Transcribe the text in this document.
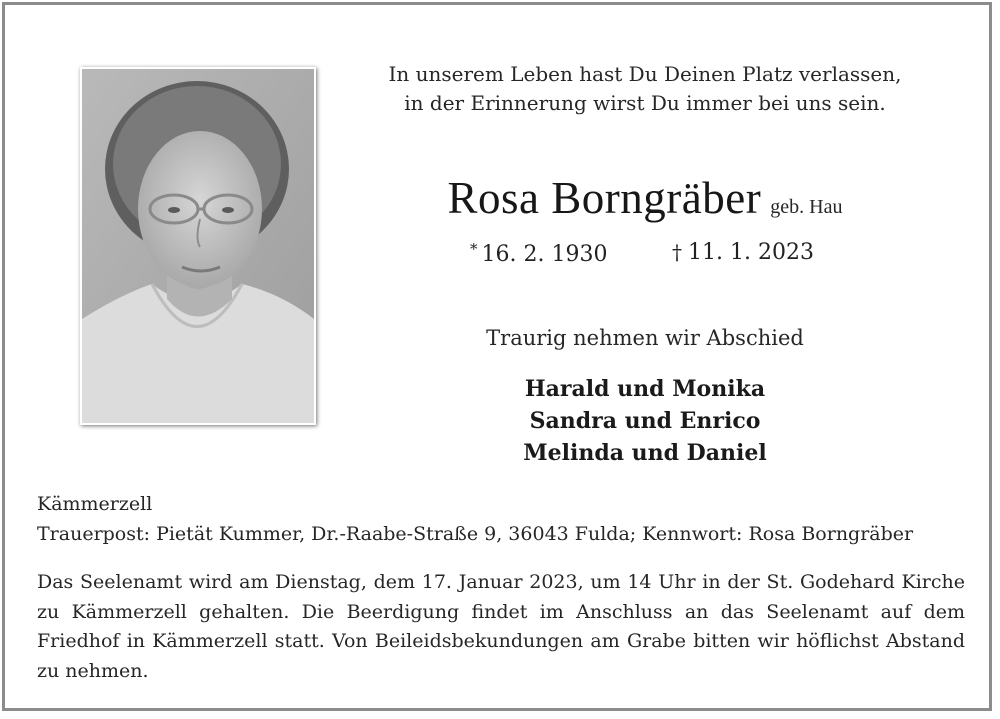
In unserem Leben hast Du Deinen Platz verlassen,
in der Erinnerung wirst Du immer bei uns sein.
Rosa Borngräber geb. Hau
* 16. 2. 1930	† 11. 1. 2023
Traurig nehmen wir Abschied
Harald und Monika
Sandra und Enrico
Melinda und Daniel
Kämmerzell
Trauerpost: Pietät Kummer, Dr.-Raabe-Straße 9, 36043 Fulda; Kennwort: Rosa Borngräber
Das Seelenamt wird am Dienstag, dem 17. Januar 2023, um 14 Uhr in der St. Godehard Kirche zu Kämmerzell gehalten. Die Beerdigung findet im Anschluss an das Seelenamt auf dem Friedhof in Kämmerzell statt. Von Beileidsbekundungen am Grabe bitten wir höflichst Abstand zu nehmen.
